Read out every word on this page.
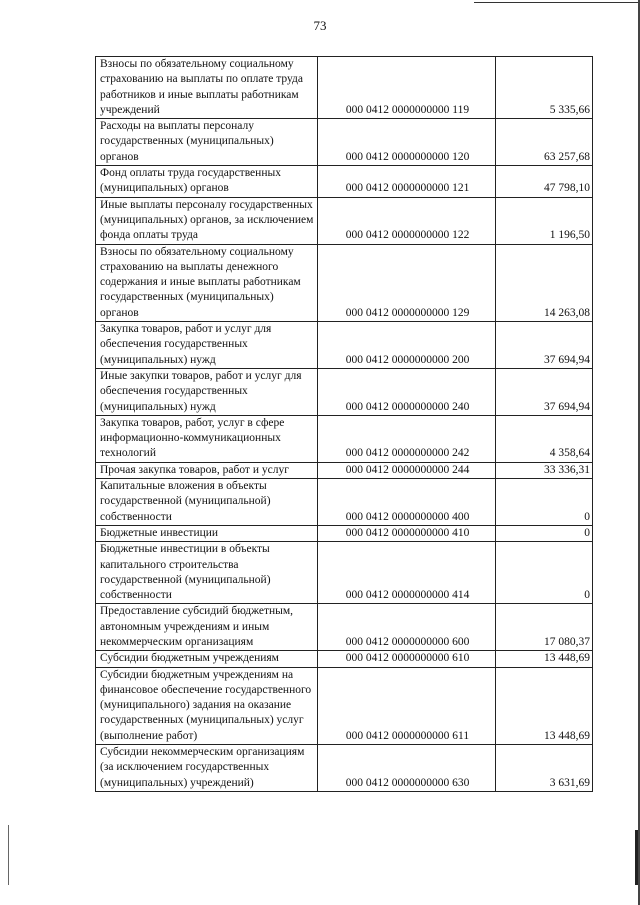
73
Взносы по обязательному социальному страхованию на выплаты по оплате труда работников и иные выплаты работникам учреждений	000 0412 0000000000 119	5 335,66
Расходы на выплаты персоналу государственных (муниципальных) органов	000 0412 0000000000 120	63 257,68
Фонд оплаты труда государственных (муниципальных) органов	000 0412 0000000000 121	47 798,10
Иные выплаты персоналу государственных (муниципальных) органов, за исключением фонда оплаты труда	000 0412 0000000000 122	1 196,50
Взносы по обязательному социальному страхованию на выплаты денежного содержания и иные выплаты работникам государственных (муниципальных) органов	000 0412 0000000000 129	14 263,08
Закупка товаров, работ и услуг для обеспечения государственных (муниципальных) нужд	000 0412 0000000000 200	37 694,94
Иные закупки товаров, работ и услуг для обеспечения государственных (муниципальных) нужд	000 0412 0000000000 240	37 694,94
Закупка товаров, работ, услуг в сфере информационно-коммуникационных технологий	000 0412 0000000000 242	4 358,64
Прочая закупка товаров, работ и услуг	000 0412 0000000000 244	33 336,31
Капитальные вложения в объекты государственной (муниципальной) собственности	000 0412 0000000000 400	0
Бюджетные инвестиции	000 0412 0000000000 410	0
Бюджетные инвестиции в объекты капитального строительства государственной (муниципальной) собственности	000 0412 0000000000 414	0
Предоставление субсидий бюджетным, автономным учреждениям и иным некоммерческим организациям	000 0412 0000000000 600	17 080,37
Субсидии бюджетным учреждениям	000 0412 0000000000 610	13 448,69
Субсидии бюджетным учреждениям на финансовое обеспечение государственного (муниципального) задания на оказание государственных (муниципальных) услуг (выполнение работ)	000 0412 0000000000 611	13 448,69
Субсидии некоммерческим организациям (за исключением государственных (муниципальных) учреждений)	000 0412 0000000000 630	3 631,69
